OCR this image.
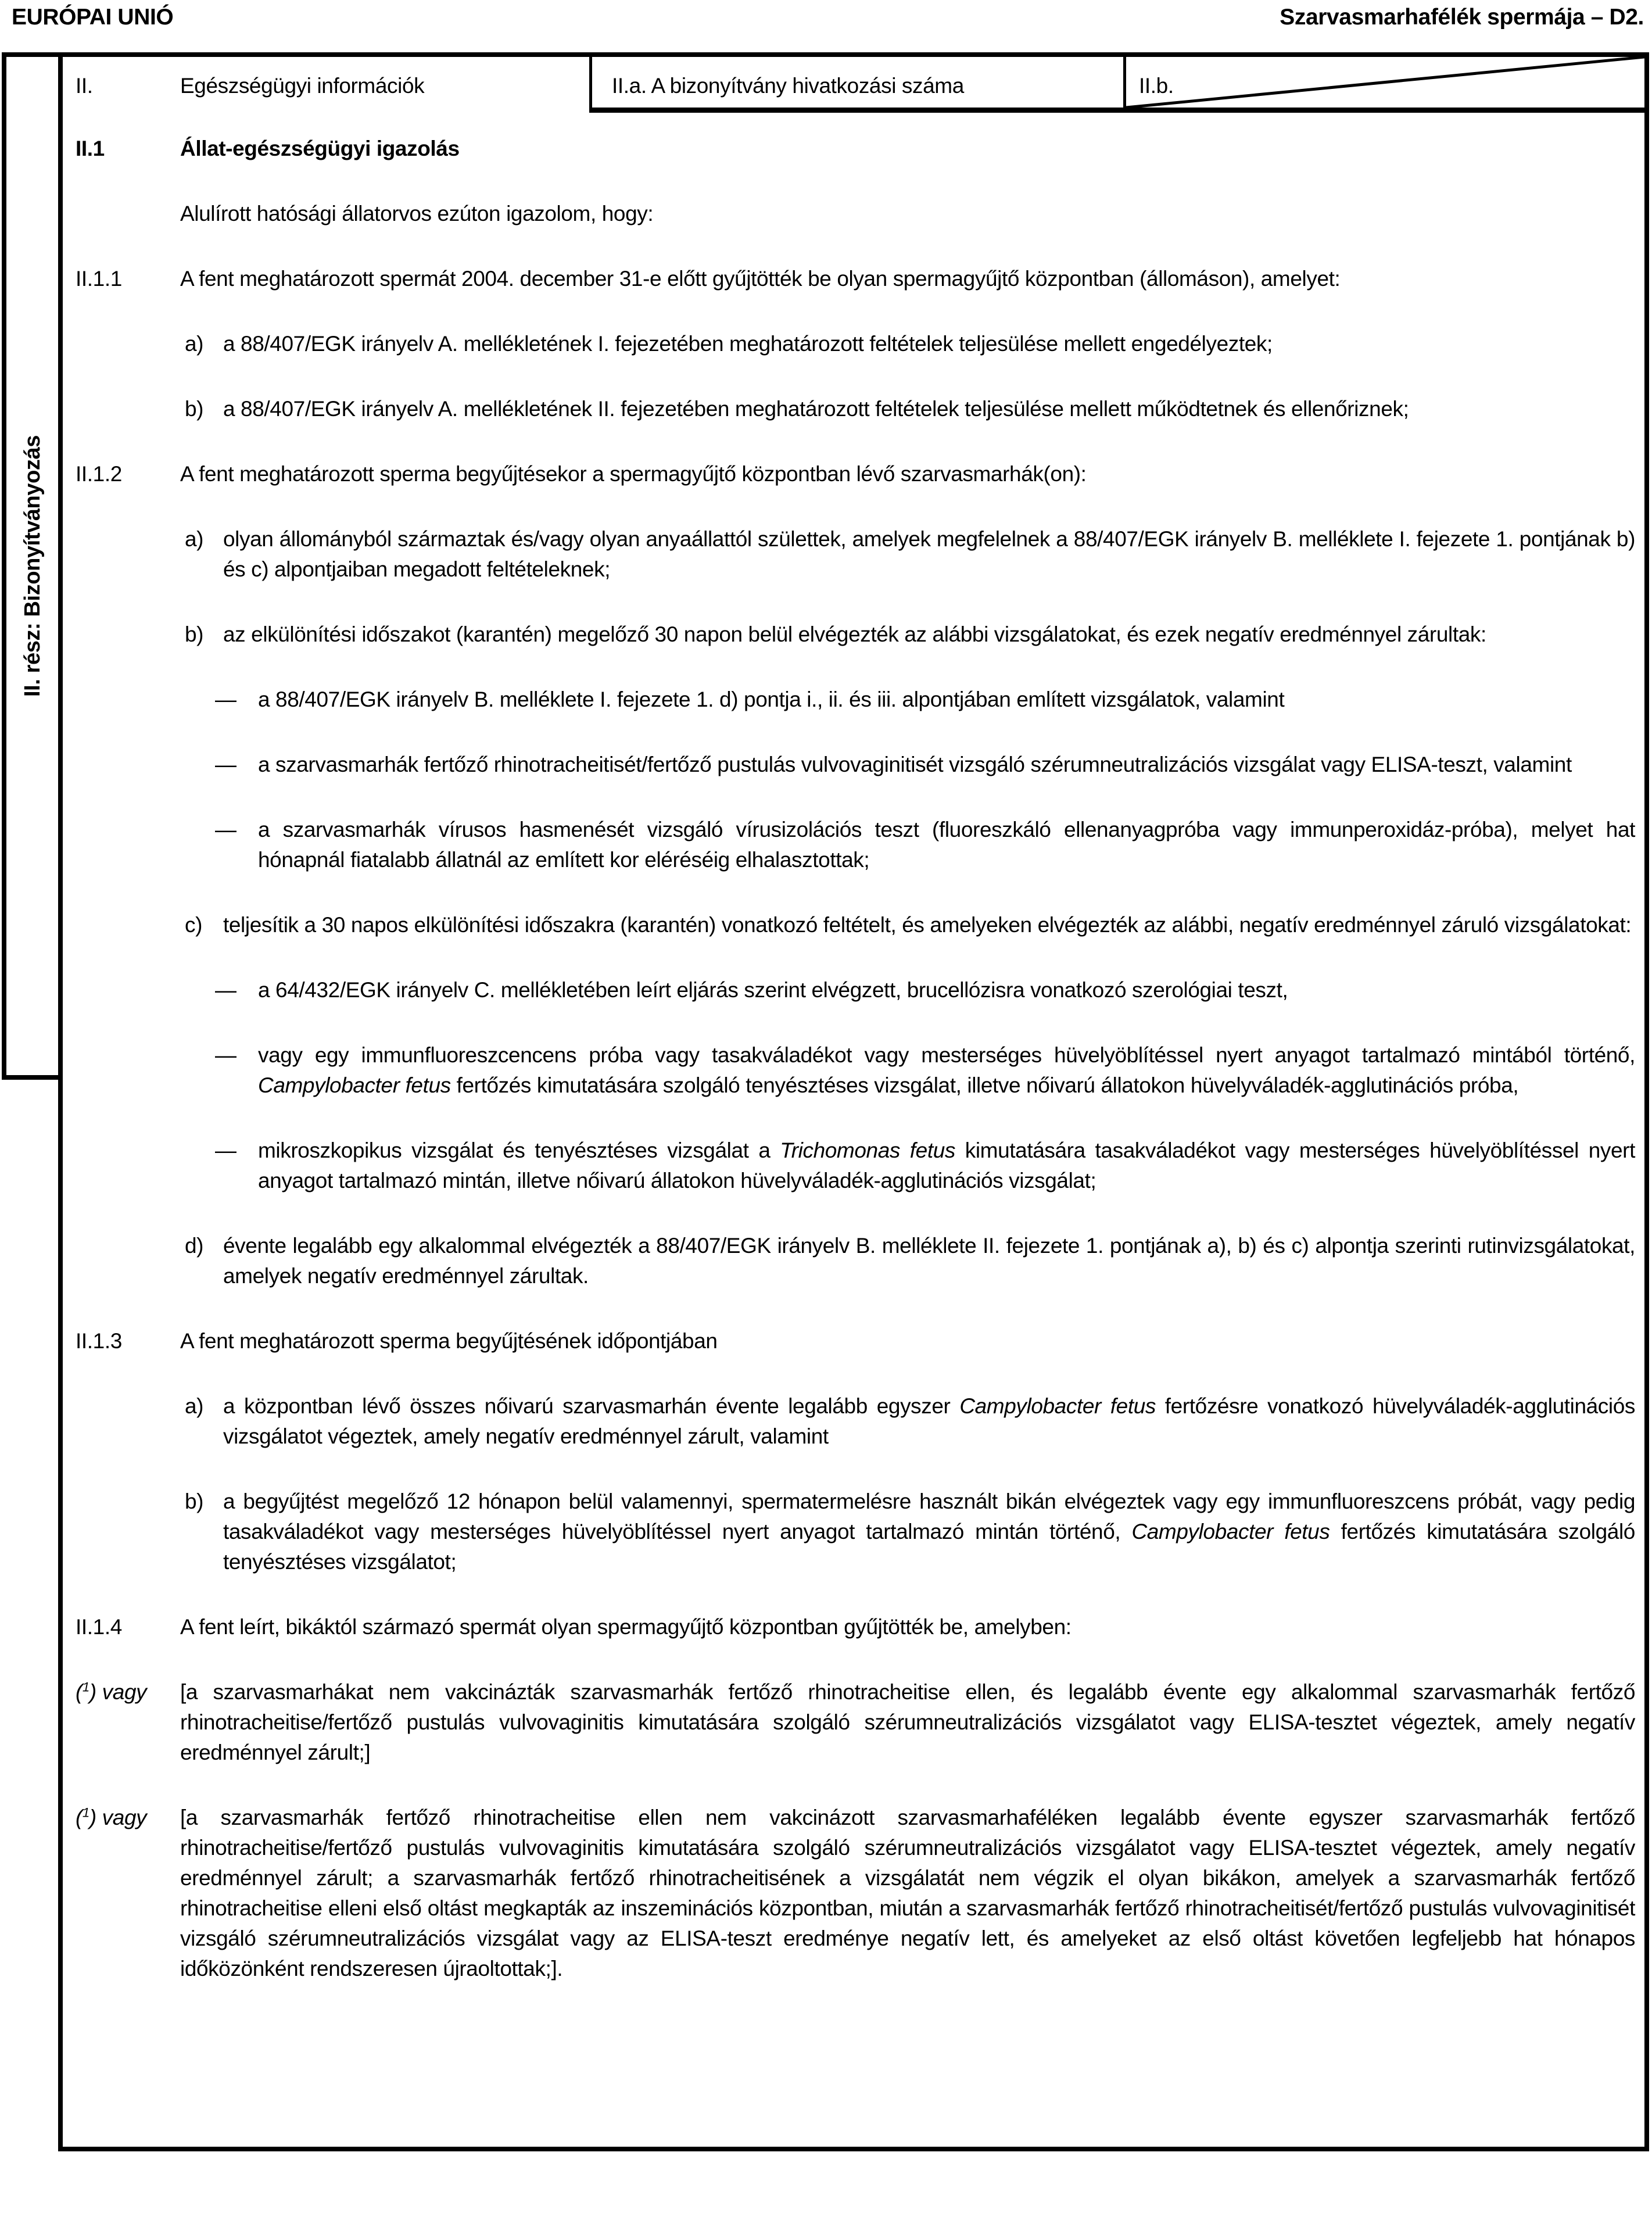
EURÓPAI UNIÓ	Szarvasmarhafélék spermája – D2.
II. rész: Bizonyítványozás
II.	Egészségügyi információk	II.a. A bizonyítvány hivatkozási száma	II.b.
II.1	Állat-egészségügyi igazolás
Alulírott hatósági állatorvos ezúton igazolom, hogy:
II.1.1	A fent meghatározott spermát 2004. december 31-e előtt gyűjtötték be olyan spermagyűjtő központban (állomáson), amelyet:
a) a 88/407/EGK irányelv A. mellékletének I. fejezetében meghatározott feltételek teljesülése mellett engedélyeztek;
b) a 88/407/EGK irányelv A. mellékletének II. fejezetében meghatározott feltételek teljesülése mellett működtetnek és ellenőriznek;
II.1.2	A fent meghatározott sperma begyűjtésekor a spermagyűjtő központban lévő szarvasmarhák(on):
a) olyan állományból származtak és/vagy olyan anyaállattól születtek, amelyek megfelelnek a 88/407/EGK irányelv B. melléklete I. fejezete 1. pontjának b) és c) alpontjaiban megadott feltételeknek;
b) az elkülönítési időszakot (karantén) megelőző 30 napon belül elvégezték az alábbi vizsgálatokat, és ezek negatív eredménnyel zárultak:
— a 88/407/EGK irányelv B. melléklete I. fejezete 1. d) pontja i., ii. és iii. alpontjában említett vizsgálatok, valamint
— a szarvasmarhák fertőző rhinotracheitisét/fertőző pustulás vulvovaginitisét vizsgáló szérumneutralizációs vizsgálat vagy ELISA-teszt, valamint
— a szarvasmarhák vírusos hasmenését vizsgáló vírusizolációs teszt (fluoreszkáló ellenanyagpróba vagy immunperoxidáz-próba), melyet hat hónapnál fiatalabb állatnál az említett kor eléréséig elhalasztottak;
c) teljesítik a 30 napos elkülönítési időszakra (karantén) vonatkozó feltételt, és amelyeken elvégezték az alábbi, negatív eredménnyel záruló vizsgálatokat:
— a 64/432/EGK irányelv C. mellékletében leírt eljárás szerint elvégzett, brucellózisra vonatkozó szerológiai teszt,
— vagy egy immunfluoreszcencens próba vagy tasakváladékot vagy mesterséges hüvelyöblítéssel nyert anyagot tartalmazó mintából történő, Campylobacter fetus fertőzés kimutatására szolgáló tenyésztéses vizsgálat, illetve nőivarú állatokon hüvelyváladék-agglutinációs próba,
— mikroszkopikus vizsgálat és tenyésztéses vizsgálat a Trichomonas fetus kimutatására tasakváladékot vagy mesterséges hüvelyöblítéssel nyert anyagot tartalmazó mintán, illetve nőivarú állatokon hüvelyváladék-agglutinációs vizsgálat;
d) évente legalább egy alkalommal elvégezték a 88/407/EGK irányelv B. melléklete II. fejezete 1. pontjának a), b) és c) alpontja szerinti rutinvizsgálatokat, amelyek negatív eredménnyel zárultak.
II.1.3	A fent meghatározott sperma begyűjtésének időpontjában
a) a központban lévő összes nőivarú szarvasmarhán évente legalább egyszer Campylobacter fetus fertőzésre vonatkozó hüvelyváladék-agglutinációs vizsgálatot végeztek, amely negatív eredménnyel zárult, valamint
b) a begyűjtést megelőző 12 hónapon belül valamennyi, spermatermelésre használt bikán elvégeztek vagy egy immunfluoreszcens próbát, vagy pedig tasakváladékot vagy mesterséges hüvelyöblítéssel nyert anyagot tartalmazó mintán történő, Campylobacter fetus fertőzés kimutatására szolgáló tenyésztéses vizsgálatot;
II.1.4	A fent leírt, bikáktól származó spermát olyan spermagyűjtő központban gyűjtötték be, amelyben:
($^1$) vagy	[a szarvasmarhákat nem vakcinázták szarvasmarhák fertőző rhinotracheitise ellen, és legalább évente egy alkalommal szarvasmarhák fertőző rhinotracheitise/fertőző pustulás vulvovaginitis kimutatására szolgáló szérumneutralizációs vizsgálatot vagy ELISA-tesztet végeztek, amely negatív eredménnyel zárult;]
($^1$) vagy	[a szarvasmarhák fertőző rhinotracheitise ellen nem vakcinázott szarvasmarhaféléken legalább évente egyszer szarvasmarhák fertőző rhinotracheitise/fertőző pustulás vulvovaginitis kimutatására szolgáló szérumneutralizációs vizsgálatot vagy ELISA-tesztet végeztek, amely negatív eredménnyel zárult; a szarvasmarhák fertőző rhinotracheitisének a vizsgálatát nem végzik el olyan bikákon, amelyek a szarvasmarhák fertőző rhinotracheitise elleni első oltást megkapták az inszeminációs központban, miután a szarvasmarhák fertőző rhinotracheitisét/fertőző pustulás vulvovaginitisét vizsgáló szérumneutralizációs vizsgálat vagy az ELISA-teszt eredménye negatív lett, és amelyeket az első oltást követően legfeljebb hat hónapos időközönként rendszeresen újraoltottak;].
